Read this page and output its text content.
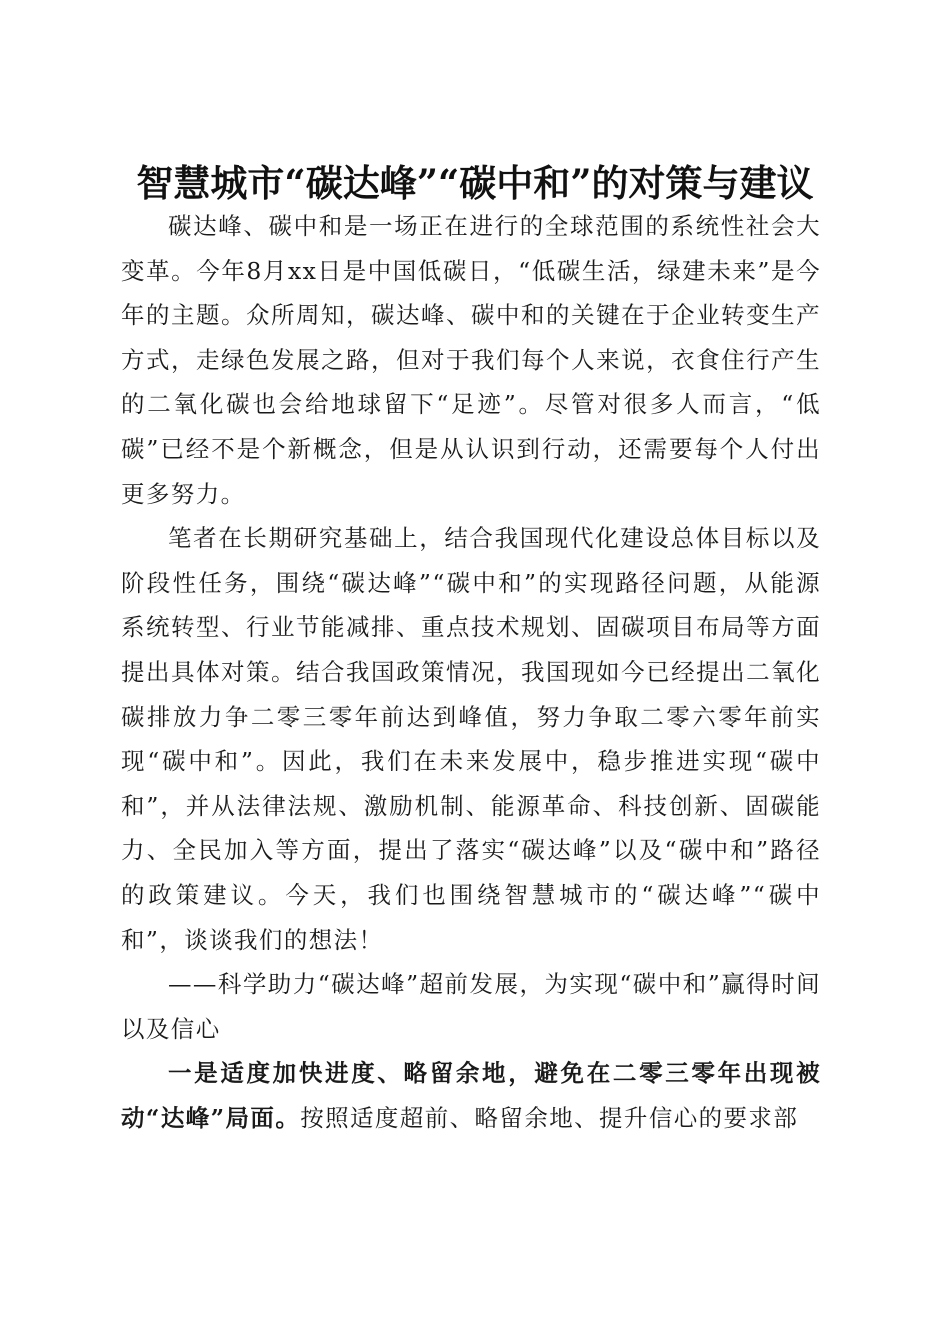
智慧城市“碳达峰”“碳中和”的对策与建议

碳达峰、碳中和是一场正在进行的全球范围的系统性社会大变革。今年8月xx日是中国低碳日，“低碳生活，绿建未来”是今年的主题。众所周知，碳达峰、碳中和的关键在于企业转变生产方式，走绿色发展之路，但对于我们每个人来说，衣食住行产生的二氧化碳也会给地球留下“足迹”。尽管对很多人而言，“低碳”已经不是个新概念，但是从认识到行动，还需要每个人付出更多努力。

笔者在长期研究基础上，结合我国现代化建设总体目标以及阶段性任务，围绕“碳达峰”“碳中和”的实现路径问题，从能源系统转型、行业节能减排、重点技术规划、固碳项目布局等方面提出具体对策。结合我国政策情况，我国现如今已经提出二氧化碳排放力争二零三零年前达到峰值，努力争取二零六零年前实现“碳中和”。因此，我们在未来发展中，稳步推进实现“碳中和”，并从法律法规、激励机制、能源革命、科技创新、固碳能力、全民加入等方面，提出了落实“碳达峰”以及“碳中和”路径的政策建议。今天，我们也围绕智慧城市的“碳达峰”“碳中和”，谈谈我们的想法！

——科学助力“碳达峰”超前发展，为实现“碳中和”赢得时间以及信心

一是适度加快进度、略留余地，避免在二零三零年出现被动“达峰”局面。按照适度超前、略留余地、提升信心的要求部
